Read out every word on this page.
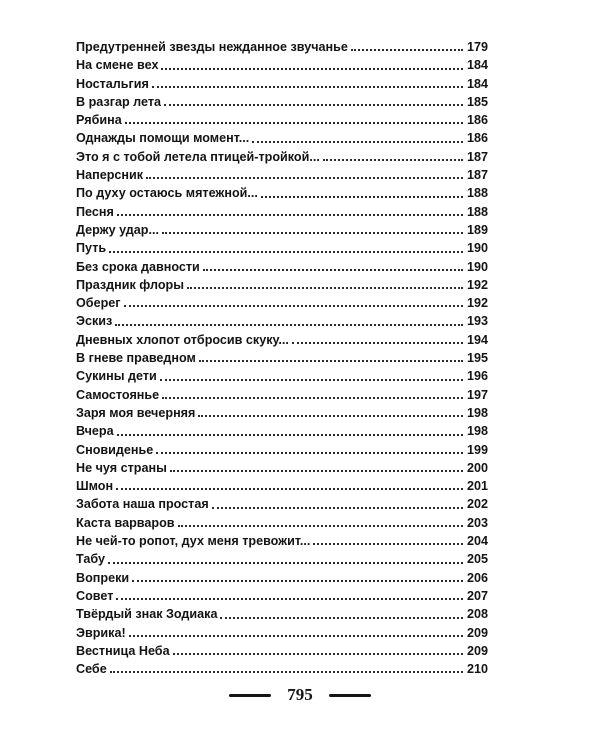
Предутренней звезды нежданное звучанье	179
На смене вех	184
Ностальгия	184
В разгар лета	185
Рябина	186
Однажды помощи момент...	186
Это я с тобой летела птицей-тройкой...	187
Наперсник	187
По духу остаюсь мятежной...	188
Песня	188
Держу удар...	189
Путь	190
Без срока давности	190
Праздник флоры	192
Оберег	192
Эскиз	193
Дневных хлопот отбросив скуку...	194
В гневе праведном	195
Сукины дети	196
Самостоянье	197
Заря моя вечерняя	198
Вчера	198
Сновиденье	199
Не чуя страны	200
Шмон	201
Забота наша простая	202
Каста варваров	203
Не чей-то ропот, дух меня тревожит...	204
Табу	205
Вопреки	206
Совет	207
Твёрдый знак Зодиака	208
Эврика!	209
Вестница Неба	209
Себе	210
795
